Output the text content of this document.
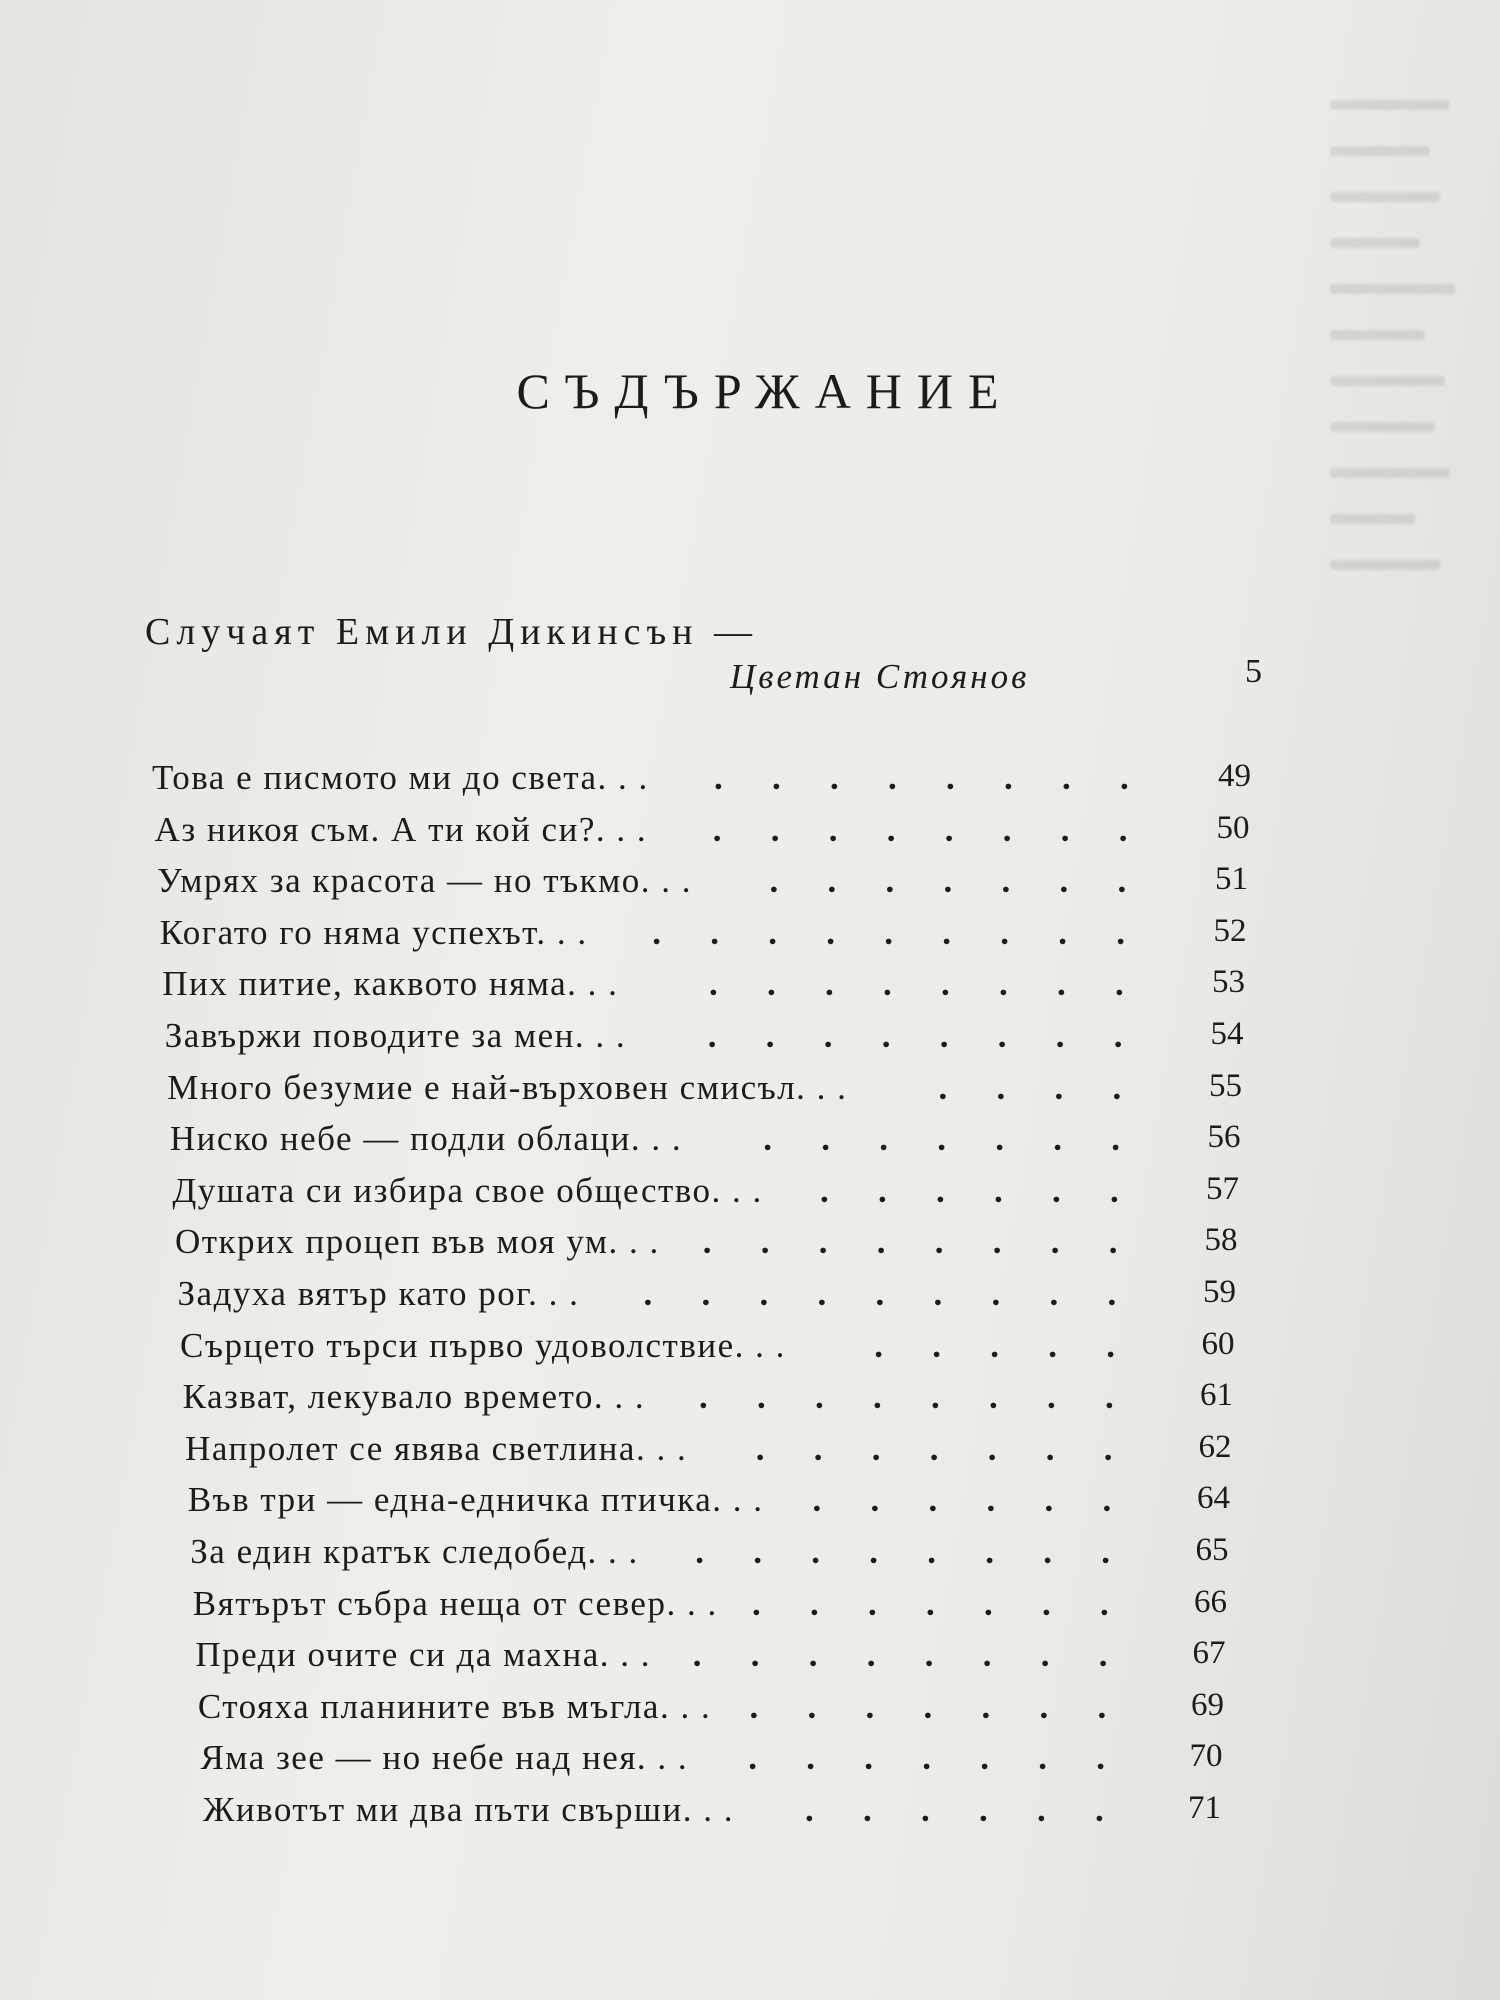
СЪДЪРЖАНИЕ
Случаят Емили Дикинсън —
Цветан Стоянов	5
Това е писмото ми до света. . .	49
. . . . . . . .
Аз никоя съм. А ти кой си?. . .	50
. . . . . . . .
Умрях за красота — но тъкмо. . .	51
. . . . . . .
Когато го няма успехът. . .	52
. . . . . . . . .
Пих питие, каквото няма. . .	53
. . . . . . . .
Завържи поводите за мен. . .	54
. . . . . . . .
Много безумие е най-върховен смисъл. . .	55
. . . .
Ниско небе — подли облаци. . .	56
. . . . . . .
Душата си избира свое общество. . .	57
. . . . . .
Открих процеп във моя ум. . .	58
. . . . . . . .
Задуха вятър като рог. . .	59
. . . . . . . . .
Сърцето търси първо удоволствие. . .	60
. . . . .
Казват, лекувало времето. . .	61
. . . . . . . .
Напролет се явява светлина. . .	62
. . . . . . .
Във три — една-едничка птичка. . .	64
. . . . . .
За един кратък следобед. . .	65
. . . . . . . .
Вятърът събра неща от север. . .	66
. . . . . . .
Преди очите си да махна. . .	67
. . . . . . . .
Стояха планините във мъгла. . .	69
. . . . . . .
Яма зее — но небе над нея. . .	70
. . . . . . .
Животът ми два пъти свърши. . .	71
. . . . . .
